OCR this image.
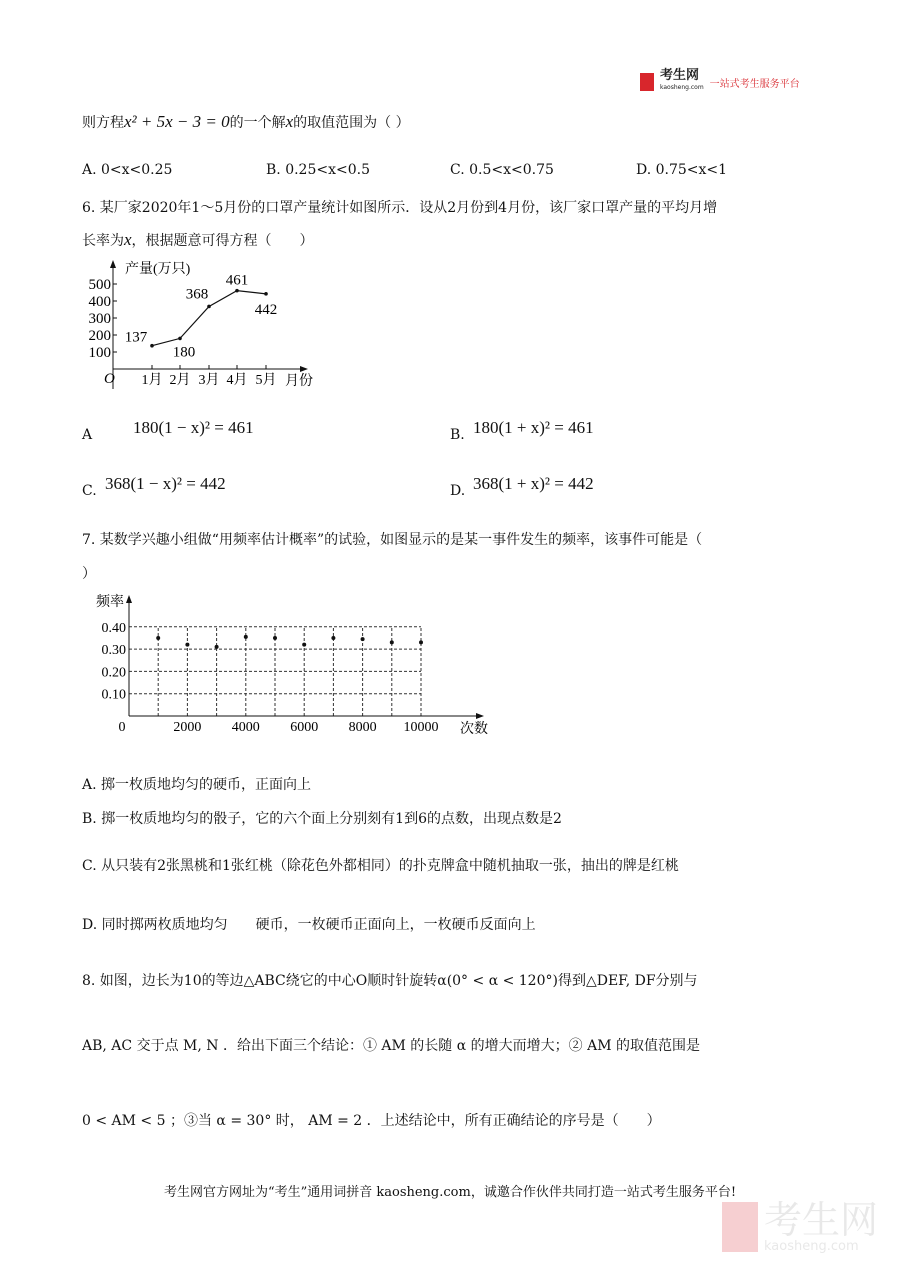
考生网
kaosheng.com 一站式考生服务平台
则方程x² + 5x − 3 = 0的一个解x的取值范围为（ ）
A. 0<x<0.25	B. 0.25<x<0.5	C. 0.5<x<0.75	D. 0.75<x<1
6. 某厂家2020年1～5月份的口罩产量统计如图所示．设从2月份到4月份，该厂家口罩产量的平均月增
长率为x，根据题意可得方程（　　）
产量(万只)
月份
O
100
200
300
400
500
1月 2月 3月 4月 5月
137
180
368
461
442
0.10
0.20
0.30
0.40
频率
次数
0	2000 4000 6000 8000 10000
A 180(1 − x)² = 461	B. 180(1 + x)² = 461
C. 368(1 − x)² = 442	D. 368(1 + x)² = 442
7. 某数学兴趣小组做“用频率估计概率”的试验，如图显示的是某一事件发生的频率，该事件可能是（
）
A. 掷一枚质地均匀的硬币，正面向上
B. 掷一枚质地均匀的骰子，它的六个面上分别刻有1到6的点数，出现点数是2
C. 从只装有2张黑桃和1张红桃（除花色外都相同）的扑克牌盒中随机抽取一张，抽出的牌是红桃
D. 同时掷两枚质地均匀　　硬币，一枚硬币正面向上，一枚硬币反面向上
8. 如图，边长为10的等边△ABC绕它的中心O顺时针旋转α(0° < α < 120°)得到△DEF, DF分别与
AB, AC 交于点 M, N ．给出下面三个结论：① AM 的长随 α 的增大而增大；② AM 的取值范围是
0 < AM < 5 ；③当 α = 30° 时， AM = 2 ．上述结论中，所有正确结论的序号是（　　）
考生网官方网址为“考生”通用词拼音 kaosheng.com，诚邀合作伙伴共同打造一站式考生服务平台!
考生网
kaosheng.com
